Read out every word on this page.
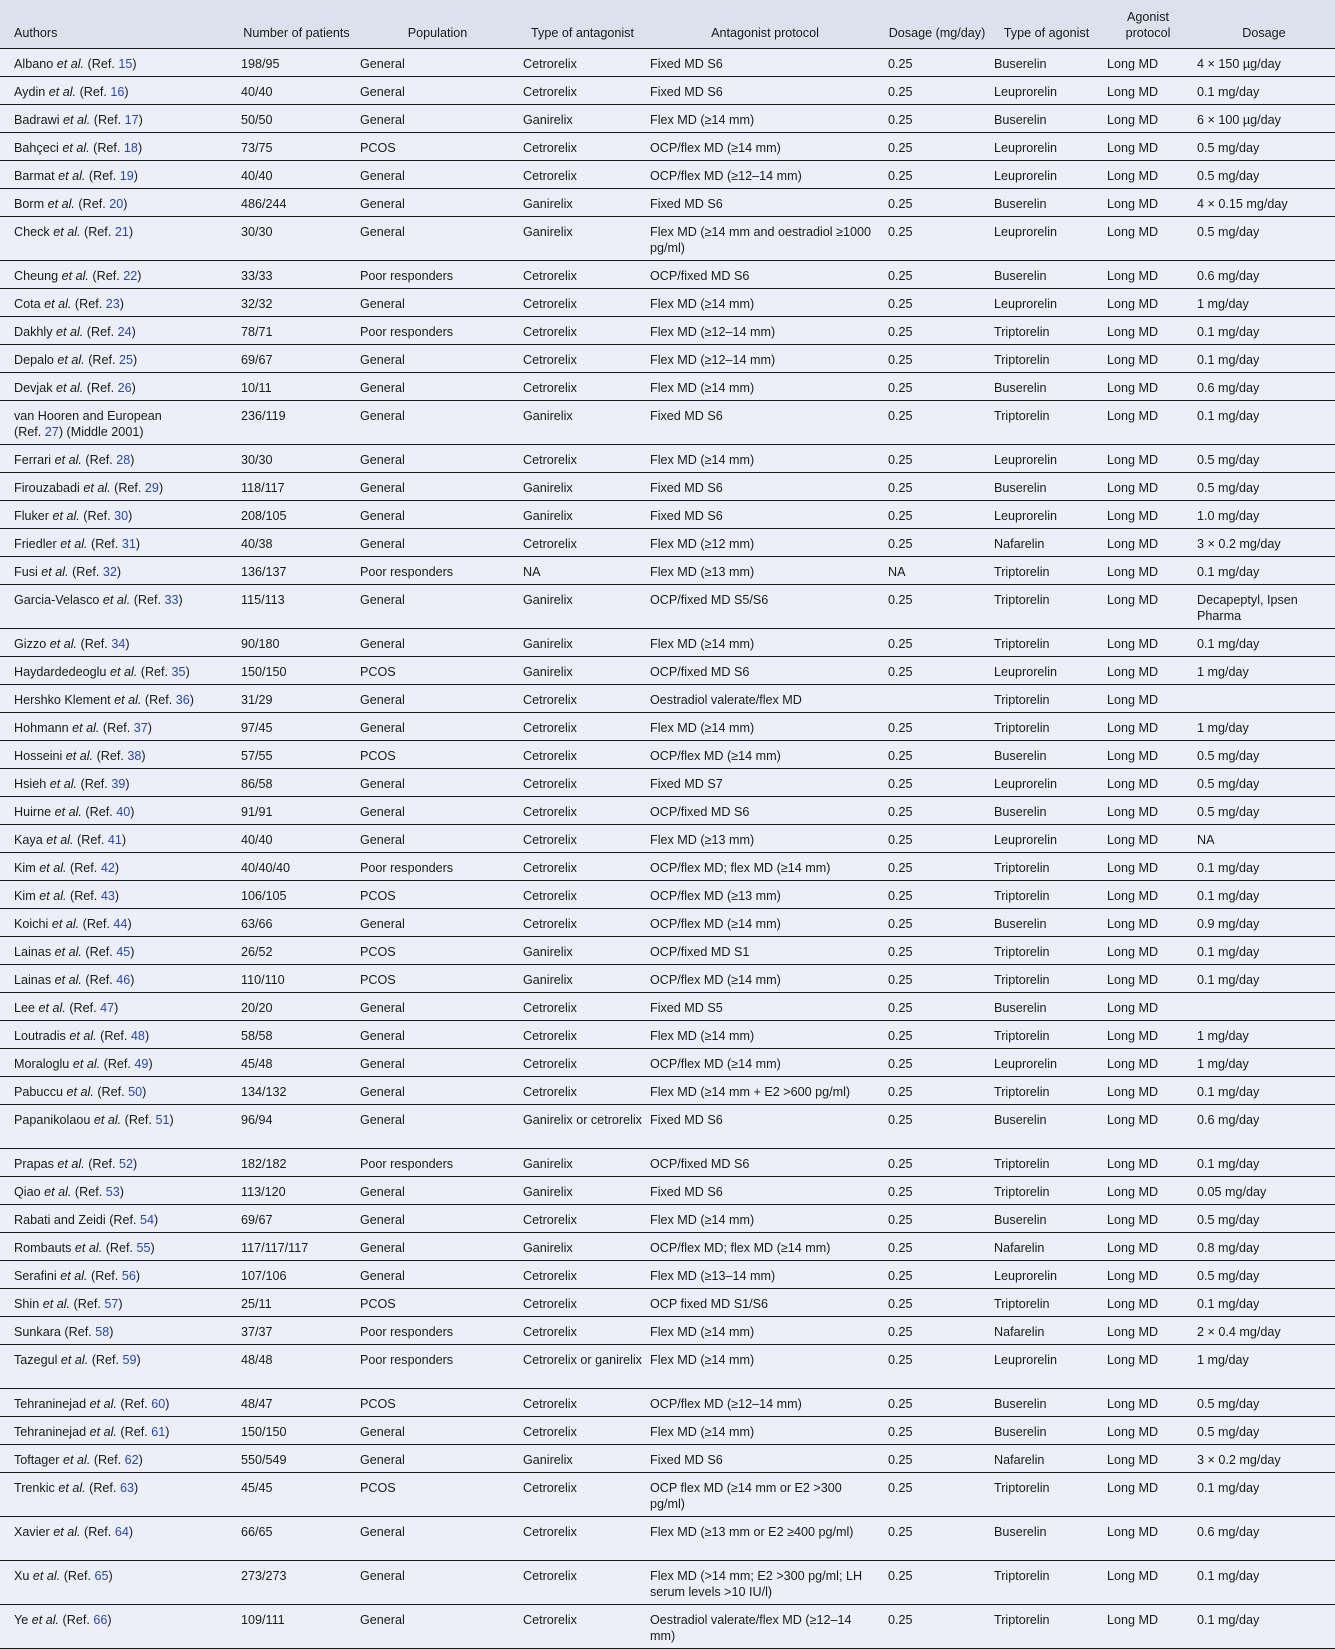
Authors	Number of patients	Population	Type of antagonist	Antagonist protocol	Dosage (mg/day)	Type of agonist	Agonist protocol	Dosage
Albano et al. (Ref. 15)	198/95	General	Cetrorelix	Fixed MD S6	0.25	Buserelin	Long MD	4 × 150 µg/day
Aydin et al. (Ref. 16)	40/40	General	Cetrorelix	Fixed MD S6	0.25	Leuprorelin	Long MD	0.1 mg/day
Badrawi et al. (Ref. 17)	50/50	General	Ganirelix	Flex MD (≥14 mm)	0.25	Buserelin	Long MD	6 × 100 µg/day
Bahçeci et al. (Ref. 18)	73/75	PCOS	Cetrorelix	OCP/flex MD (≥14 mm)	0.25	Leuprorelin	Long MD	0.5 mg/day
Barmat et al. (Ref. 19)	40/40	General	Cetrorelix	OCP/flex MD (≥12–14 mm)	0.25	Leuprorelin	Long MD	0.5 mg/day
Borm et al. (Ref. 20)	486/244	General	Ganirelix	Fixed MD S6	0.25	Buserelin	Long MD	4 × 0.15 mg/day
Check et al. (Ref. 21)	30/30	General	Ganirelix	Flex MD (≥14 mm and oestradiol ≥1000 pg/ml)	0.25	Leuprorelin	Long MD	0.5 mg/day
Cheung et al. (Ref. 22)	33/33	Poor responders	Cetrorelix	OCP/fixed MD S6	0.25	Buserelin	Long MD	0.6 mg/day
Cota et al. (Ref. 23)	32/32	General	Cetrorelix	Flex MD (≥14 mm)	0.25	Leuprorelin	Long MD	1 mg/day
Dakhly et al. (Ref. 24)	78/71	Poor responders	Cetrorelix	Flex MD (≥12–14 mm)	0.25	Triptorelin	Long MD	0.1 mg/day
Depalo et al. (Ref. 25)	69/67	General	Cetrorelix	Flex MD (≥12–14 mm)	0.25	Triptorelin	Long MD	0.1 mg/day
Devjak et al. (Ref. 26)	10/11	General	Cetrorelix	Flex MD (≥14 mm)	0.25	Buserelin	Long MD	0.6 mg/day
van Hooren and European
(Ref. 27) (Middle 2001)	236/119	General	Ganirelix	Fixed MD S6	0.25	Triptorelin	Long MD	0.1 mg/day
Ferrari et al. (Ref. 28)	30/30	General	Cetrorelix	Flex MD (≥14 mm)	0.25	Leuprorelin	Long MD	0.5 mg/day
Firouzabadi et al. (Ref. 29)	118/117	General	Ganirelix	Fixed MD S6	0.25	Buserelin	Long MD	0.5 mg/day
Fluker et al. (Ref. 30)	208/105	General	Ganirelix	Fixed MD S6	0.25	Leuprorelin	Long MD	1.0 mg/day
Friedler et al. (Ref. 31)	40/38	General	Cetrorelix	Flex MD (≥12 mm)	0.25	Nafarelin	Long MD	3 × 0.2 mg/day
Fusi et al. (Ref. 32)	136/137	Poor responders	NA	Flex MD (≥13 mm)	NA	Triptorelin	Long MD	0.1 mg/day
Garcia-Velasco et al. (Ref. 33)	115/113	General	Ganirelix	OCP/fixed MD S5/S6	0.25	Triptorelin	Long MD	Decapeptyl, Ipsen Pharma
Gizzo et al. (Ref. 34)	90/180	General	Ganirelix	Flex MD (≥14 mm)	0.25	Triptorelin	Long MD	0.1 mg/day
Haydardedeoglu et al. (Ref. 35)	150/150	PCOS	Ganirelix	OCP/fixed MD S6	0.25	Leuprorelin	Long MD	1 mg/day
Hershko Klement et al. (Ref. 36)	31/29	General	Cetrorelix	Oestradiol valerate/flex MD		Triptorelin	Long MD	
Hohmann et al. (Ref. 37)	97/45	General	Cetrorelix	Flex MD (≥14 mm)	0.25	Triptorelin	Long MD	1 mg/day
Hosseini et al. (Ref. 38)	57/55	PCOS	Cetrorelix	OCP/flex MD (≥14 mm)	0.25	Buserelin	Long MD	0.5 mg/day
Hsieh et al. (Ref. 39)	86/58	General	Cetrorelix	Fixed MD S7	0.25	Leuprorelin	Long MD	0.5 mg/day
Huirne et al. (Ref. 40)	91/91	General	Cetrorelix	OCP/fixed MD S6	0.25	Buserelin	Long MD	0.5 mg/day
Kaya et al. (Ref. 41)	40/40	General	Cetrorelix	Flex MD (≥13 mm)	0.25	Leuprorelin	Long MD	NA
Kim et al. (Ref. 42)	40/40/40	Poor responders	Cetrorelix	OCP/flex MD; flex MD (≥14 mm)	0.25	Triptorelin	Long MD	0.1 mg/day
Kim et al. (Ref. 43)	106/105	PCOS	Cetrorelix	OCP/flex MD (≥13 mm)	0.25	Triptorelin	Long MD	0.1 mg/day
Koichi et al. (Ref. 44)	63/66	General	Cetrorelix	OCP/flex MD (≥14 mm)	0.25	Buserelin	Long MD	0.9 mg/day
Lainas et al. (Ref. 45)	26/52	PCOS	Ganirelix	OCP/fixed MD S1	0.25	Triptorelin	Long MD	0.1 mg/day
Lainas et al. (Ref. 46)	110/110	PCOS	Ganirelix	OCP/flex MD (≥14 mm)	0.25	Triptorelin	Long MD	0.1 mg/day
Lee et al. (Ref. 47)	20/20	General	Cetrorelix	Fixed MD S5	0.25	Buserelin	Long MD	
Loutradis et al. (Ref. 48)	58/58	General	Cetrorelix	Flex MD (≥14 mm)	0.25	Triptorelin	Long MD	1 mg/day
Moraloglu et al. (Ref. 49)	45/48	General	Cetrorelix	OCP/flex MD (≥14 mm)	0.25	Leuprorelin	Long MD	1 mg/day
Pabuccu et al. (Ref. 50)	134/132	General	Cetrorelix	Flex MD (≥14 mm + E2 >600 pg/ml)	0.25	Triptorelin	Long MD	0.1 mg/day
Papanikolaou et al. (Ref. 51)	96/94	General	Ganirelix or cetrorelix	Fixed MD S6	0.25	Buserelin	Long MD	0.6 mg/day
Prapas et al. (Ref. 52)	182/182	Poor responders	Ganirelix	OCP/fixed MD S6	0.25	Triptorelin	Long MD	0.1 mg/day
Qiao et al. (Ref. 53)	113/120	General	Ganirelix	Fixed MD S6	0.25	Triptorelin	Long MD	0.05 mg/day
Rabati and Zeidi (Ref. 54)	69/67	General	Cetrorelix	Flex MD (≥14 mm)	0.25	Buserelin	Long MD	0.5 mg/day
Rombauts et al. (Ref. 55)	117/117/117	General	Ganirelix	OCP/flex MD; flex MD (≥14 mm)	0.25	Nafarelin	Long MD	0.8 mg/day
Serafini et al. (Ref. 56)	107/106	General	Cetrorelix	Flex MD (≥13–14 mm)	0.25	Leuprorelin	Long MD	0.5 mg/day
Shin et al. (Ref. 57)	25/11	PCOS	Cetrorelix	OCP fixed MD S1/S6	0.25	Triptorelin	Long MD	0.1 mg/day
Sunkara (Ref. 58)	37/37	Poor responders	Cetrorelix	Flex MD (≥14 mm)	0.25	Nafarelin	Long MD	2 × 0.4 mg/day
Tazegul et al. (Ref. 59)	48/48	Poor responders	Cetrorelix or ganirelix	Flex MD (≥14 mm)	0.25	Leuprorelin	Long MD	1 mg/day
Tehraninejad et al. (Ref. 60)	48/47	PCOS	Cetrorelix	OCP/flex MD (≥12–14 mm)	0.25	Buserelin	Long MD	0.5 mg/day
Tehraninejad et al. (Ref. 61)	150/150	General	Cetrorelix	Flex MD (≥14 mm)	0.25	Buserelin	Long MD	0.5 mg/day
Toftager et al. (Ref. 62)	550/549	General	Ganirelix	Fixed MD S6	0.25	Nafarelin	Long MD	3 × 0.2 mg/day
Trenkic et al. (Ref. 63)	45/45	PCOS	Cetrorelix	OCP flex MD (≥14 mm or E2 >300 pg/ml)	0.25	Triptorelin	Long MD	0.1 mg/day
Xavier et al. (Ref. 64)	66/65	General	Cetrorelix	Flex MD (≥13 mm or E2 ≥400 pg/ml)	0.25	Buserelin	Long MD	0.6 mg/day
Xu et al. (Ref. 65)	273/273	General	Cetrorelix	Flex MD (>14 mm; E2 >300 pg/ml; LH serum levels >10 IU/l)	0.25	Triptorelin	Long MD	0.1 mg/day
Ye et al. (Ref. 66)	109/111	General	Cetrorelix	Oestradiol valerate/flex MD (≥12–14 mm)	0.25	Triptorelin	Long MD	0.1 mg/day
